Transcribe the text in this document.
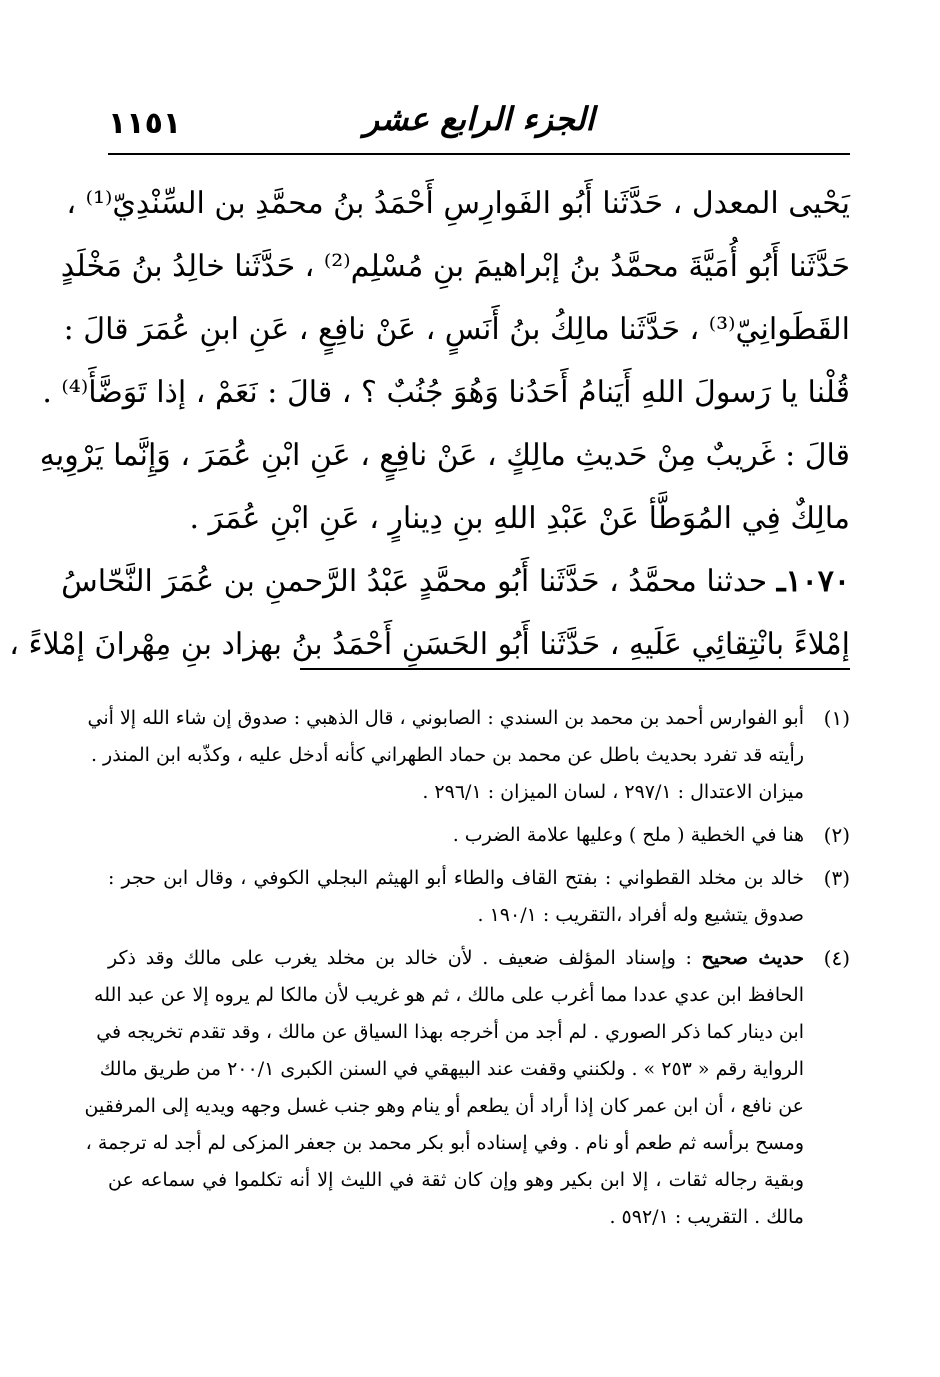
١١٥١	الجزء الرابع عشر
يَحْيى المعدل ، حَدَّثَنا أَبُو الفَوارِسِ أَحْمَدُ بنُ محمَّدِ بن السِّنْدِيّ⁽¹⁾ ،
حَدَّثَنا أَبُو أُمَيَّةَ محمَّدُ بنُ إبْراهيمَ بنِ مُسْلِم⁽²⁾ ، حَدَّثَنا خالِدُ بنُ مَخْلَدٍ
القَطَوانِيّ⁽³⁾ ، حَدَّثَنا مالِكُ بنُ أَنَسٍ ، عَنْ نافِعٍ ، عَنِ ابنِ عُمَرَ قالَ :
قُلْنا يا رَسولَ اللهِ أَيَنامُ أَحَدُنا وَهُوَ جُنُبٌ ؟ ، قالَ : نَعَمْ ، إذا تَوَضَّأَ⁽⁴⁾ .
قالَ : غَريبٌ مِنْ حَديثِ مالِكٍ ، عَنْ نافِعٍ ، عَنِ ابْنِ عُمَرَ ، وَإِنَّما يَرْوِيهِ
مالِكٌ فِي المُوَطَّأ عَنْ عَبْدِ اللهِ بنِ دِينارٍ ، عَنِ ابْنِ عُمَرَ .
١٠٧٠ـ حدثنا محمَّدُ ، حَدَّثَنا أَبُو محمَّدٍ عَبْدُ الرَّحمنِ بن عُمَرَ النَّحّاسُ
إمْلاءً بانْتِقائِي عَلَيهِ ، حَدَّثَنا أَبُو الحَسَنِ أَحْمَدُ بنُ بهزاد بنِ مِهْرانَ إمْلاءً ،
(١)
أبو الفوارس أحمد بن محمد بن السندي : الصابوني ، قال الذهبي : صدوق إن شاء الله إلا أني
رأيته قد تفرد بحديث باطل عن محمد بن حماد الطهراني كأنه أدخل عليه ، وكذّبه ابن المنذر .
ميزان الاعتدال : ٢٩٧/١ ، لسان الميزان : ٢٩٦/١ .
(٢)
هنا في الخطية ( ملح ) وعليها علامة الضرب .
(٣)
خالد بن مخلد القطواني : بفتح القاف والطاء أبو الهيثم البجلي الكوفي ، وقال ابن حجر :
صدوق يتشيع وله أفراد ،التقريب : ١٩٠/١ .
(٤)
حديث صحيح : وإسناد المؤلف ضعيف . لأن خالد بن مخلد يغرب على مالك وقد ذكر
الحافظ ابن عدي عددا مما أغرب على مالك ، ثم هو غريب لأن مالكا لم يروه إلا عن عبد الله
ابن دينار كما ذكر الصوري . لم أجد من أخرجه بهذا السياق عن مالك ، وقد تقدم تخريجه في
الرواية رقم « ٢٥٣ » . ولكنني وقفت عند البيهقي في السنن الكبرى ٢٠٠/١ من طريق مالك
عن نافع ، أن ابن عمر كان إذا أراد أن يطعم أو ينام وهو جنب غسل وجهه ويديه إلى المرفقين
ومسح برأسه ثم طعم أو نام . وفي إسناده أبو بكر محمد بن جعفر المزكى لم أجد له ترجمة ،
وبقية رجاله ثقات ، إلا ابن بكير وهو وإن كان ثقة في الليث إلا أنه تكلموا في سماعه عن
مالك . التقريب : ٥٩٢/١ .
